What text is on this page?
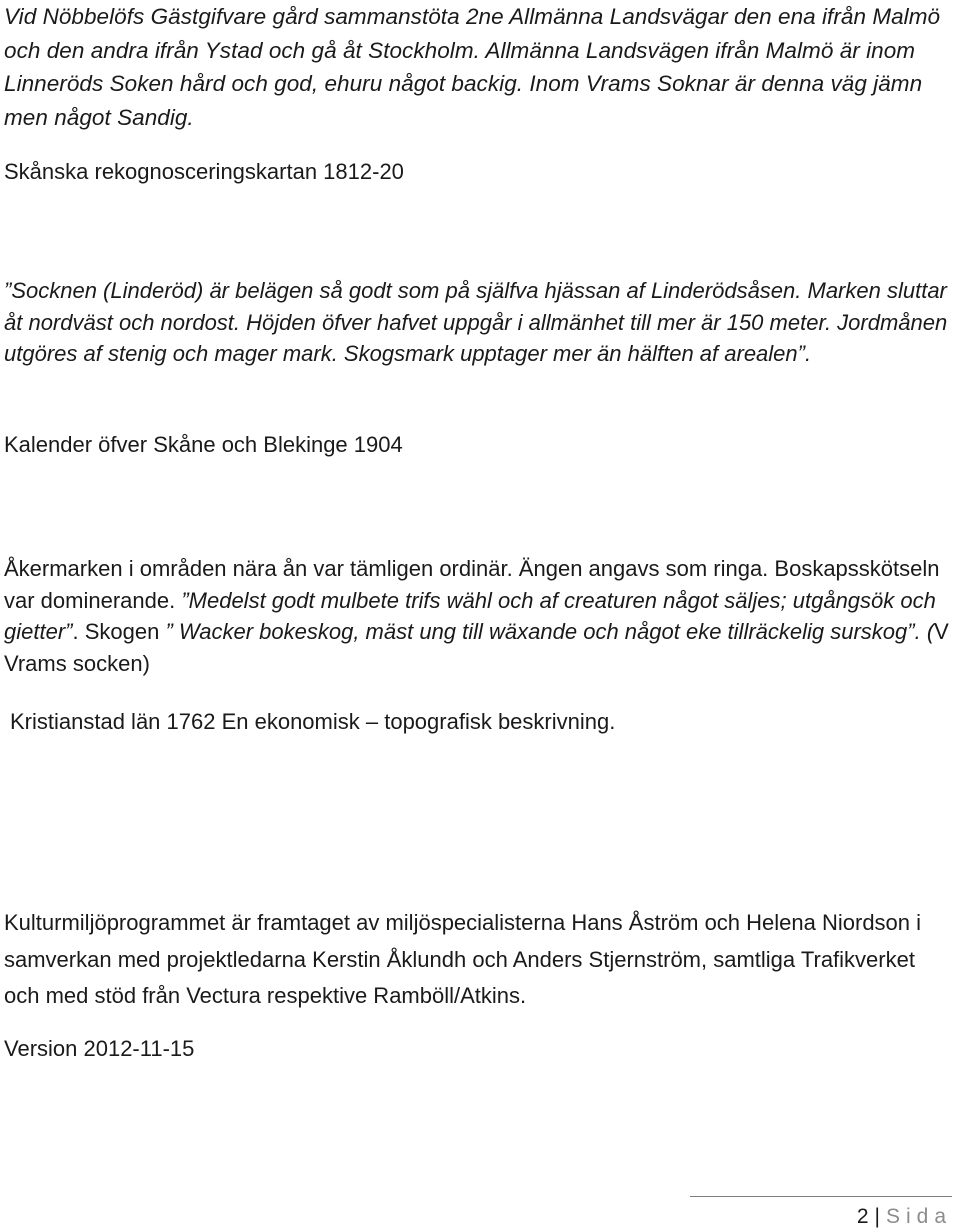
Vid Nöbbelöfs Gästgifvare gård sammanstöta 2ne Allmänna Landsvägar den ena ifrån Malmö och den andra ifrån Ystad och gå åt Stockholm. Allmänna Landsvägen ifrån Malmö är inom Linneröds Soken hård och god, ehuru något backig. Inom Vrams Soknar är denna väg jämn men något Sandig.

Skånska rekognosceringskartan 1812-20

”Socknen (Linderöd) är belägen så godt som på själfva hjässan af Linderödsåsen. Marken sluttar åt nordväst och nordost. Höjden öfver hafvet uppgår i allmänhet till mer är 150 meter. Jordmånen utgöres af stenig och mager mark. Skogsmark upptager mer än hälften af arealen”.

Kalender öfver Skåne och Blekinge 1904

Åkermarken i områden nära ån var tämligen ordinär. Ängen angavs som ringa. Boskapsskötseln var dominerande. ”Medelst godt mulbete trifs wähl och af creaturen något säljes; utgångsök och gietter”. Skogen ” Wacker bokeskog, mäst ung till wäxande och något eke tillräckelig surskog”. (V Vrams socken)

Kristianstad län 1762 En ekonomisk – topografisk beskrivning.

Kulturmiljöprogrammet är framtaget av miljöspecialisterna Hans Åström och Helena Niordson i samverkan med projektledarna Kerstin Åklundh och Anders Stjernström, samtliga Trafikverket och med stöd från Vectura respektive Ramböll/Atkins.

Version 2012-11-15

2 | Sida
